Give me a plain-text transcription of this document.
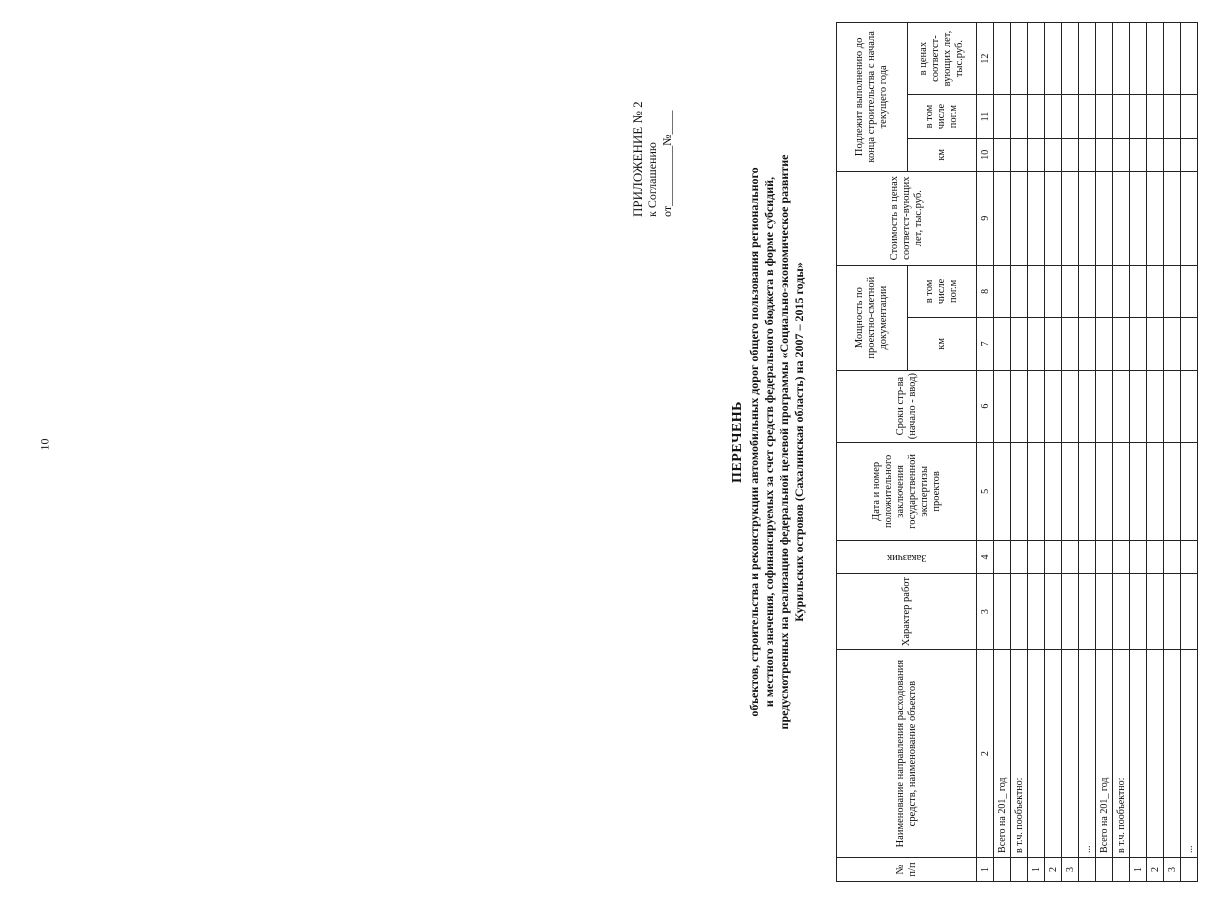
10
ПРИЛОЖЕНИЕ № 2 к Соглашению от__________№____
ПЕРЕЧЕНЬ объектов, строительства и реконструкции автомобильных дорог общего пользования регионального и местного значения, софинансируемых за счет средств федерального бюджета в форме субсидий, предусмотренных на реализацию федеральной целевой программы «Социально-экономическое развитие Курильских островов (Сахалинская область) на 2007 – 2015 годы»
№ п/п	Наименование направления расходования средств, наименование объектов	Характер работ	Заказчик	Дата и номер положительного заключения государственной экспертизы проектов	Сроки стр-ва (начало - ввод)	Мощность по проектно-сметной документации		Стоимость в ценах соответст-вующих лет, тыс.руб.	Подлежит выполнению до конца строительства с начала текущего года		
						км	в том числе пог.м		км	в том числе пог.м	в ценах соответст-вующих лет, тыс.руб.
1	2	3	4	5	6	7	8	9	10	11	12
	Всего на 201_ год										
	в т.ч. пообъектно:										
1											
2											
3											
	...										
	Всего на 201_ год										
	в т.ч. пообъектно:										
1											
2											
3											
	...										
